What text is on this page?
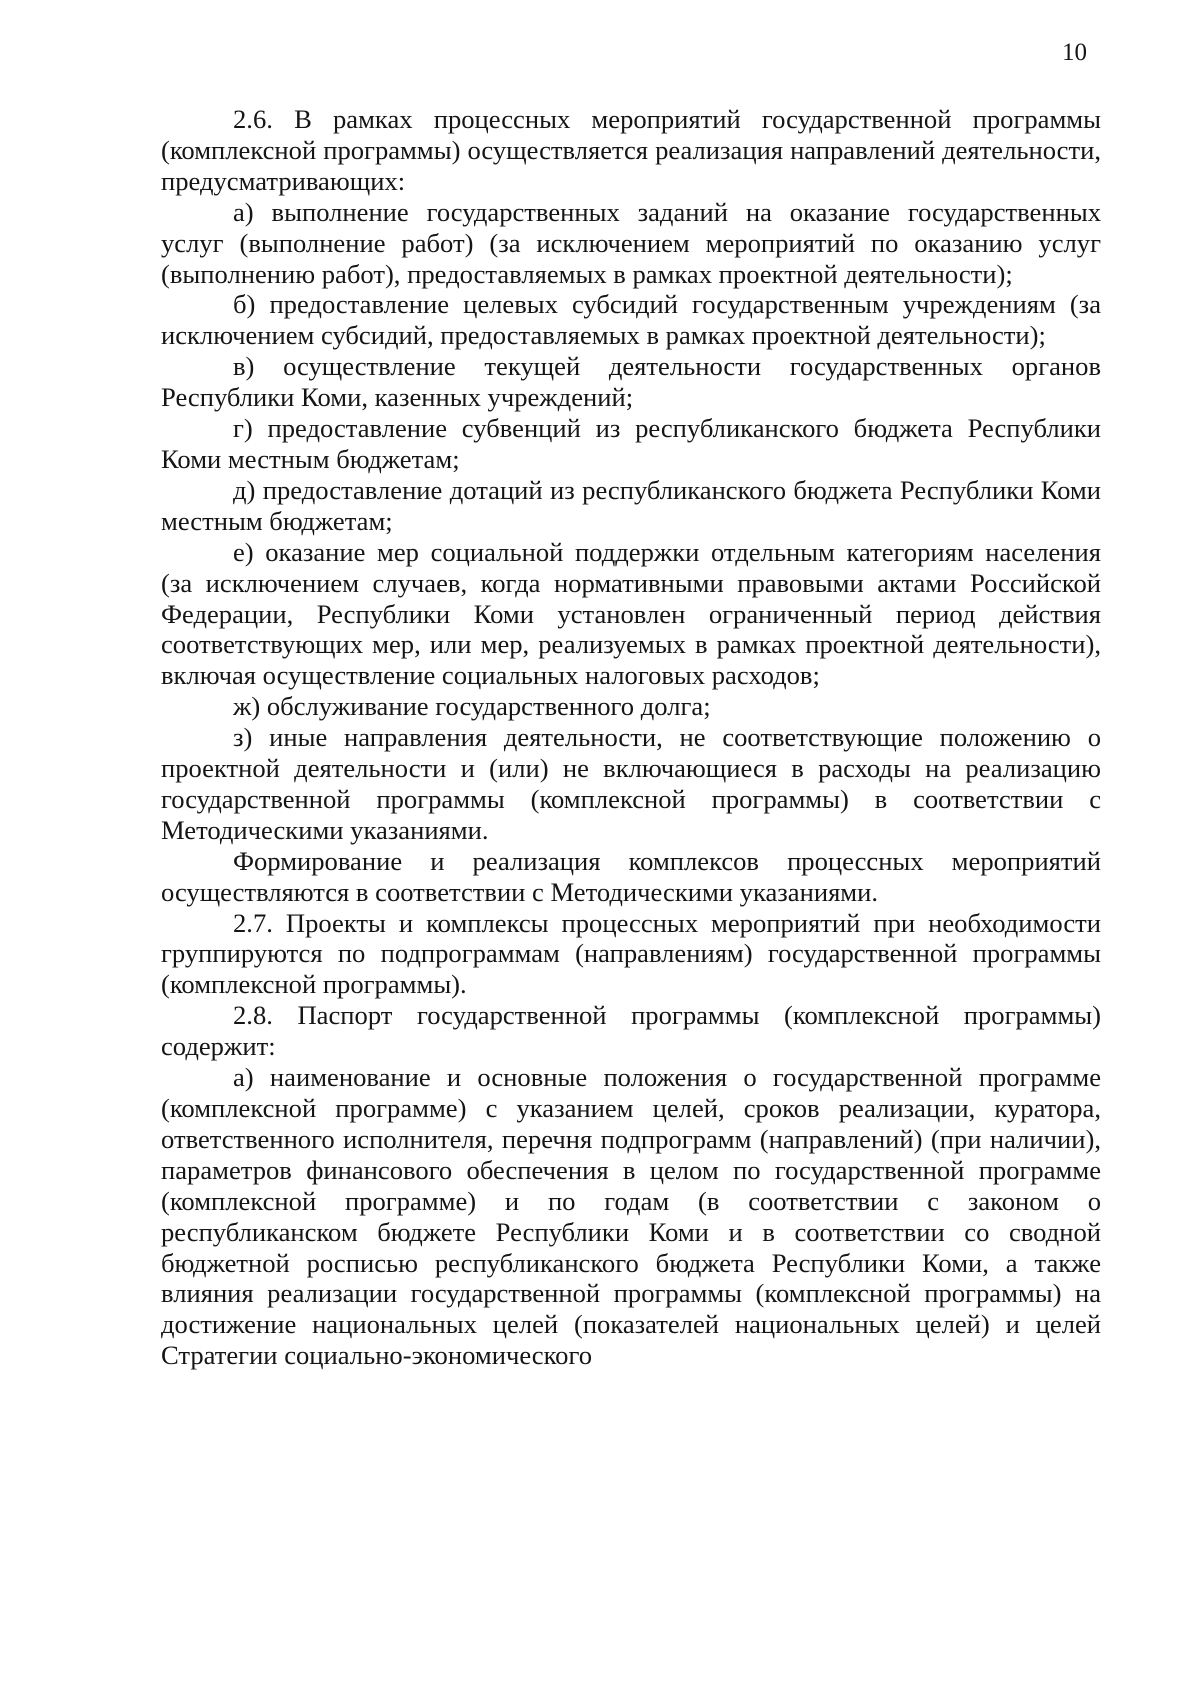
10

2.6. В рамках процессных мероприятий государственной программы (комплексной программы) осуществляется реализация направлений деятельности, предусматривающих:

а) выполнение государственных заданий на оказание государственных услуг (выполнение работ) (за исключением мероприятий по оказанию услуг (выполнению работ), предоставляемых в рамках проектной деятельности);

б) предоставление целевых субсидий государственным учреждениям (за исключением субсидий, предоставляемых в рамках проектной деятельности);

в) осуществление текущей деятельности государственных органов Республики Коми, казенных учреждений;

г) предоставление субвенций из республиканского бюджета Республики Коми местным бюджетам;

д) предоставление дотаций из республиканского бюджета Республики Коми местным бюджетам;

е) оказание мер социальной поддержки отдельным категориям населения (за исключением случаев, когда нормативными правовыми актами Российской Федерации, Республики Коми установлен ограниченный период действия соответствующих мер, или мер, реализуемых в рамках проектной деятельности), включая осуществление социальных налоговых расходов;

ж) обслуживание государственного долга;

з) иные направления деятельности, не соответствующие положению о проектной деятельности и (или) не включающиеся в расходы на реализацию государственной программы (комплексной программы) в соответствии с Методическими указаниями.

Формирование и реализация комплексов процессных мероприятий осуществляются в соответствии с Методическими указаниями.

2.7. Проекты и комплексы процессных мероприятий при необходимости группируются по подпрограммам (направлениям) государственной программы (комплексной программы).

2.8. Паспорт государственной программы (комплексной программы) содержит:

а) наименование и основные положения о государственной программе (комплексной программе) с указанием целей, сроков реализации, куратора, ответственного исполнителя, перечня подпрограмм (направлений) (при наличии), параметров финансового обеспечения в целом по государственной программе (комплексной программе) и по годам (в соответствии с законом о республиканском бюджете Республики Коми и в соответствии со сводной бюджетной росписью республиканского бюджета Республики Коми, а также влияния реализации государственной программы (комплексной программы) на достижение национальных целей (показателей национальных целей) и целей Стратегии социально-экономического
